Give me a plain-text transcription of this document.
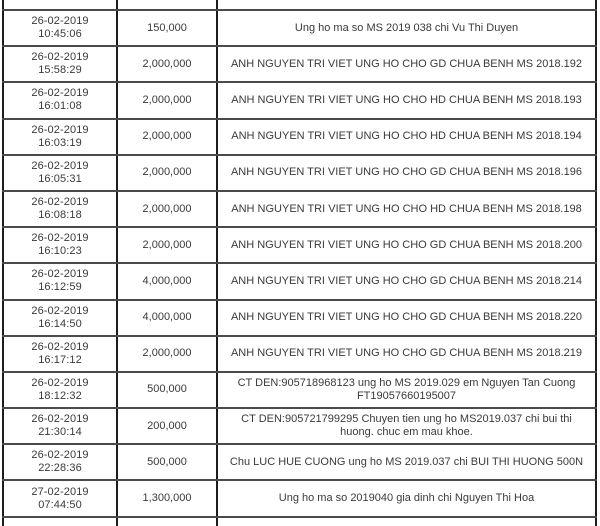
26-02-2019 10:45:06	150,000	Ung ho ma so MS 2019 038 chi Vu Thi Duyen
26-02-2019 15:58:29	2,000,000	ANH NGUYEN TRI VIET UNG HO CHO GD CHUA BENH MS 2018.192
26-02-2019 16:01:08	2,000,000	ANH NGUYEN TRI VIET UNG HO CHO HD CHUA BENH MS 2018.193
26-02-2019 16:03:19	2,000,000	ANH NGUYEN TRI VIET UNG HO CHO HD CHUA BENH MS 2018.194
26-02-2019 16:05:31	2,000,000	ANH NGUYEN TRI VIET UNG HO CHO GD CHUA BENH MS 2018.196
26-02-2019 16:08:18	2,000,000	ANH NGUYEN TRI VIET UNG HO CHO HD CHUA BENH MS 2018.198
26-02-2019 16:10:23	2,000,000	ANH NGUYEN TRI VIET UNG HO CHO GD CHUA BENH MS 2018.200
26-02-2019 16:12:59	4,000,000	ANH NGUYEN TRI VIET UNG HO CHO GD CHUA BENH MS 2018.214
26-02-2019 16:14:50	4,000,000	ANH NGUYEN TRI VIET UNG HO CHO GD CHUA BENH MS 2018.220
26-02-2019 16:17:12	2,000,000	ANH NGUYEN TRI VIET UNG HO CHO GD CHUA BENH MS 2018.219
26-02-2019 18:12:32	500,000	CT DEN:905718968123 ung ho MS 2019.029 em Nguyen Tan Cuong FT19057660195007
26-02-2019 21:30:14	200,000	CT DEN:905721799295 Chuyen tien ung ho MS2019.037 chi bui thi huong. chuc em mau khoe.
26-02-2019 22:28:36	500,000	Chu LUC HUE CUONG ung ho MS 2019.037 chi BUI THI HUONG 500N
27-02-2019 07:44:50	1,300,000	Ung ho ma so 2019040 gia dinh chi Nguyen Thi Hoa
